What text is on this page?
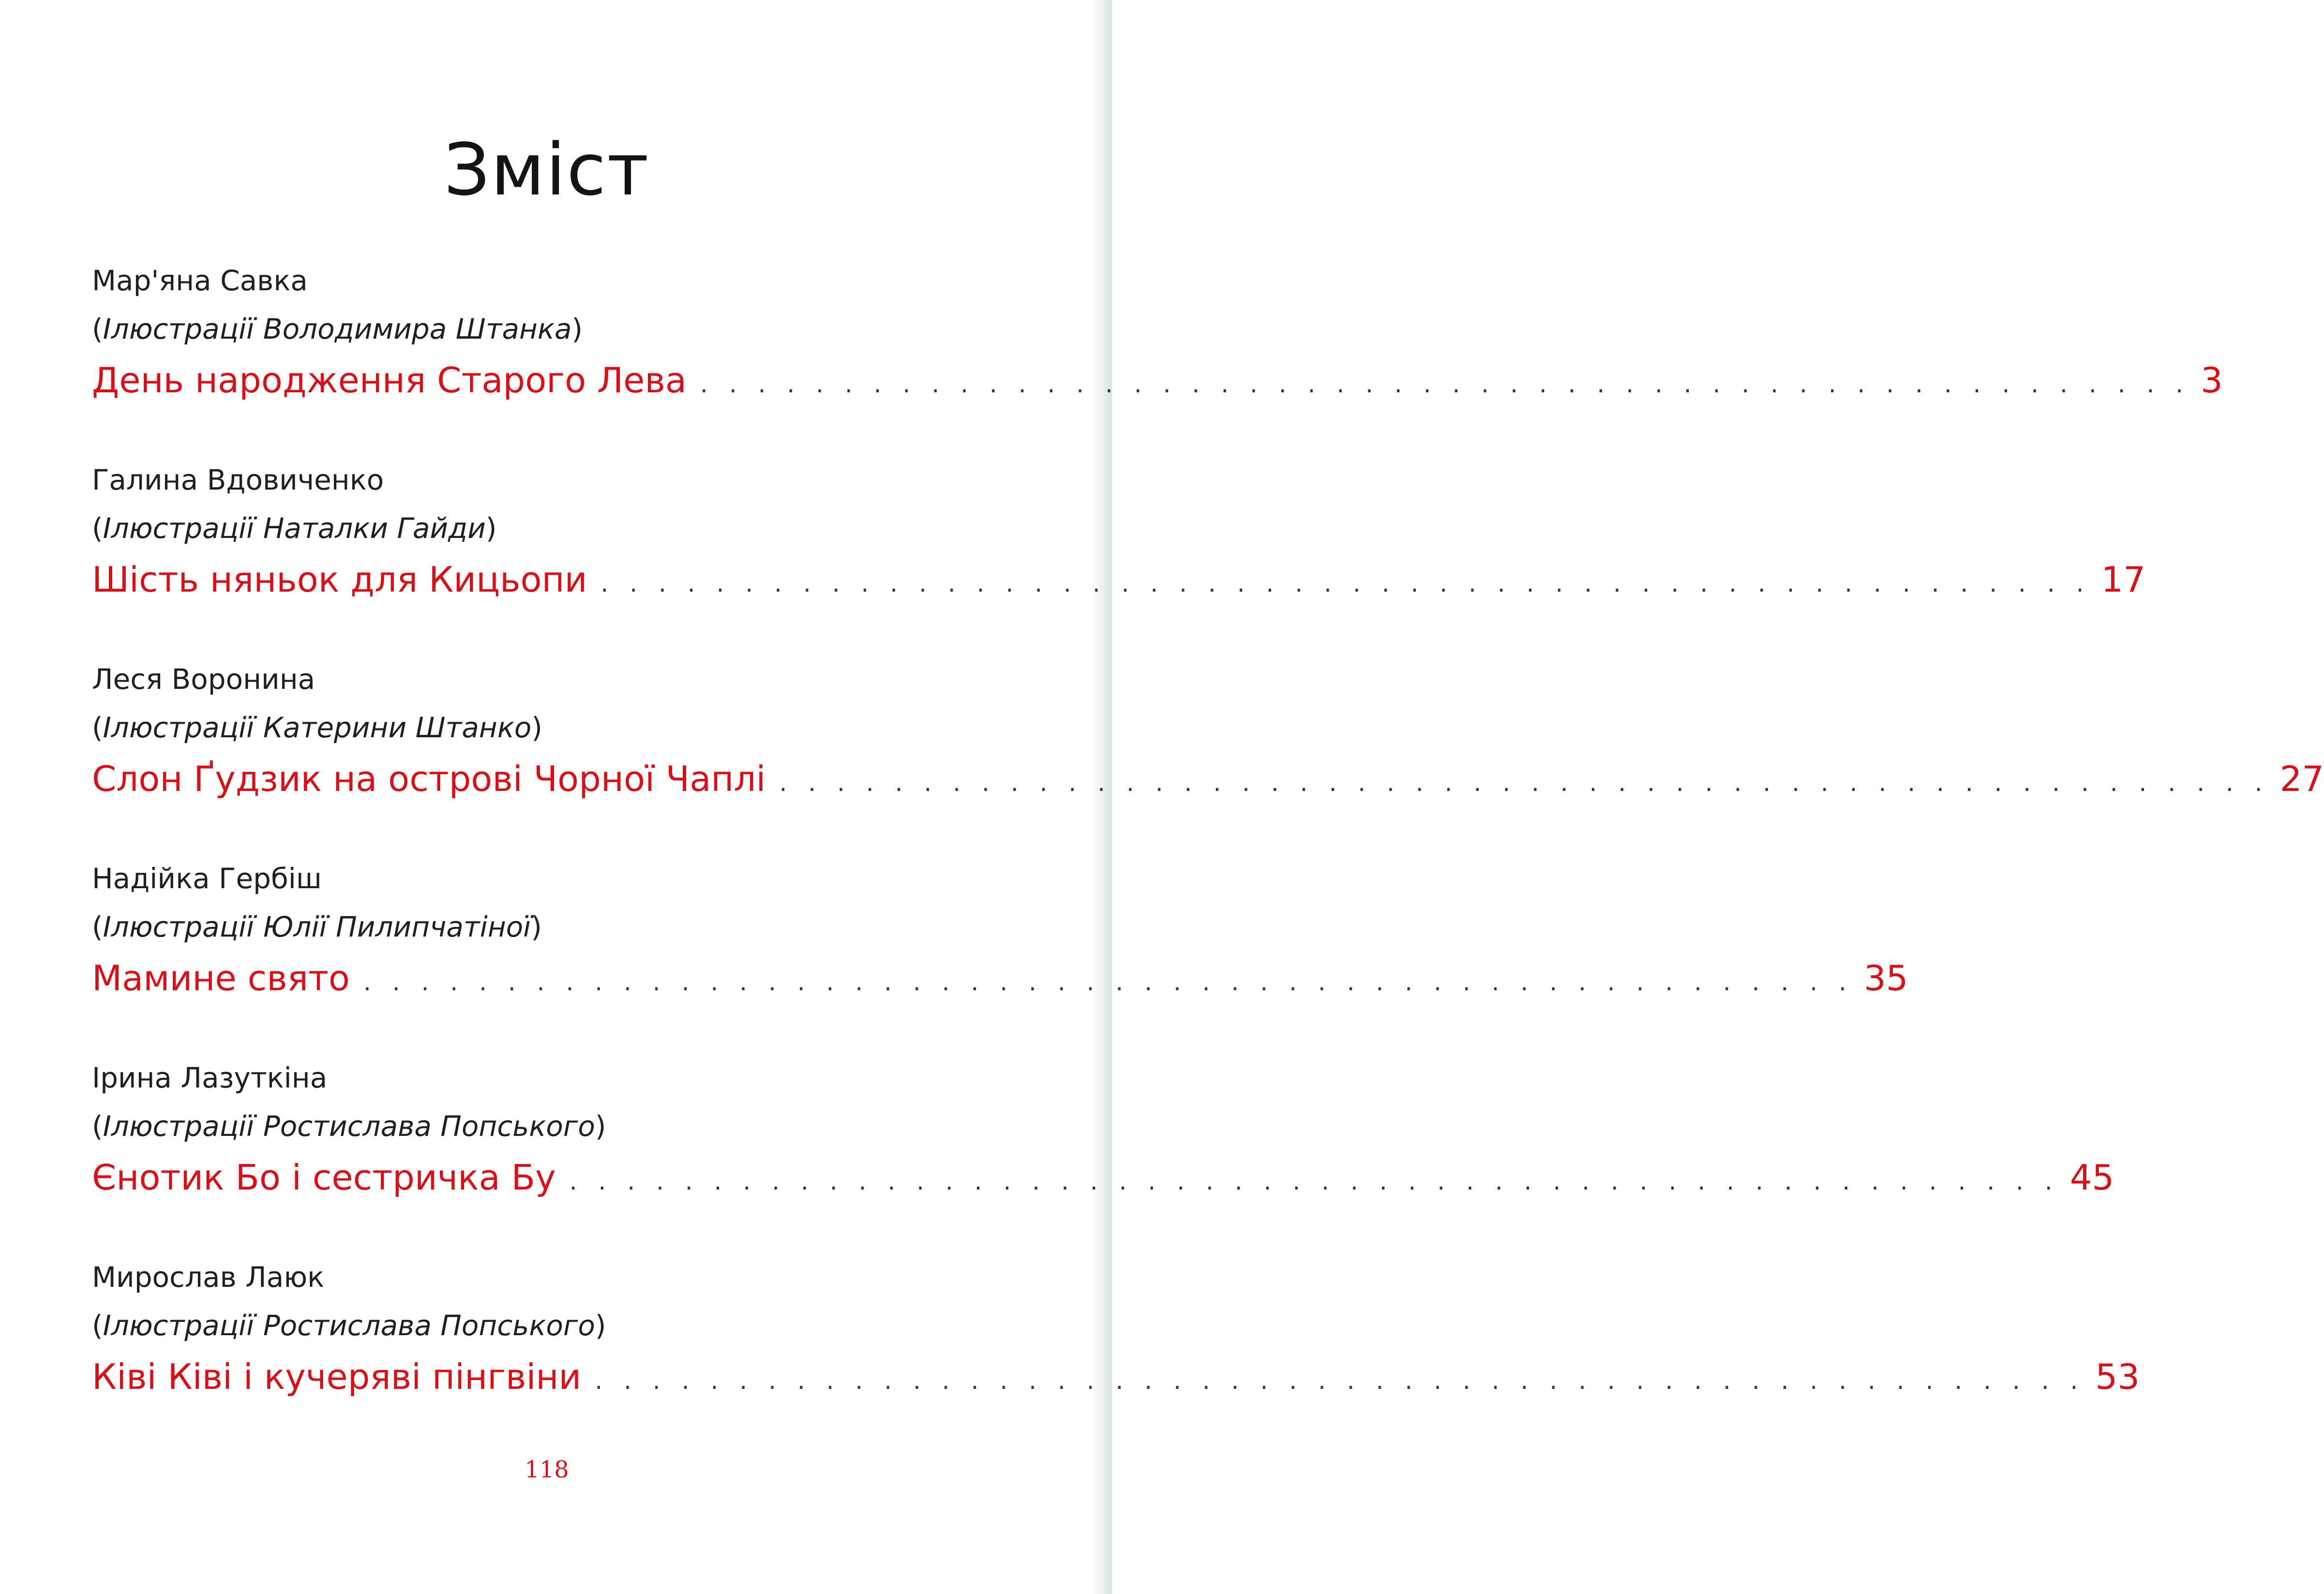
Зміст
Мар'яна Савка
(Ілюстрації Володимира Штанка)
День народження Старого Лева . . . . . . . . . . . . . . . . . . . . . . . . . . . . . . . . . . . . . . . . . . . . . . . . . . . . 3
Галина Вдовиченко
(Ілюстрації Наталки Гайди)
Шість няньок для Кицьопи . . . . . . . . . . . . . . . . . . . . . . . . . . . . . . . . . . . . . . . . . . . . . . . . . . . . 17
Леся Воронина
(Ілюстрації Катерини Штанко)
Слон Ґудзик на острові Чорної Чаплі . . . . . . . . . . . . . . . . . . . . . . . . . . . . . . . . . . . . . . . . . . . . . . . . . . . . 27
Надійка Гербіш
(Ілюстрації Юлії Пилипчатіної)
Мамине свято . . . . . . . . . . . . . . . . . . . . . . . . . . . . . . . . . . . . . . . . . . . . . . . . . . . . 35
Ірина Лазуткіна
(Ілюстрації Ростислава Попського)
Єнотик Бо і сестричка Бу . . . . . . . . . . . . . . . . . . . . . . . . . . . . . . . . . . . . . . . . . . . . . . . . . . . . 45
Мирослав Лаюк
(Ілюстрації Ростислава Попського)
Ківі Ківі і кучеряві пінгвіни . . . . . . . . . . . . . . . . . . . . . . . . . . . . . . . . . . . . . . . . . . . . . . . . . . . . 53
118
